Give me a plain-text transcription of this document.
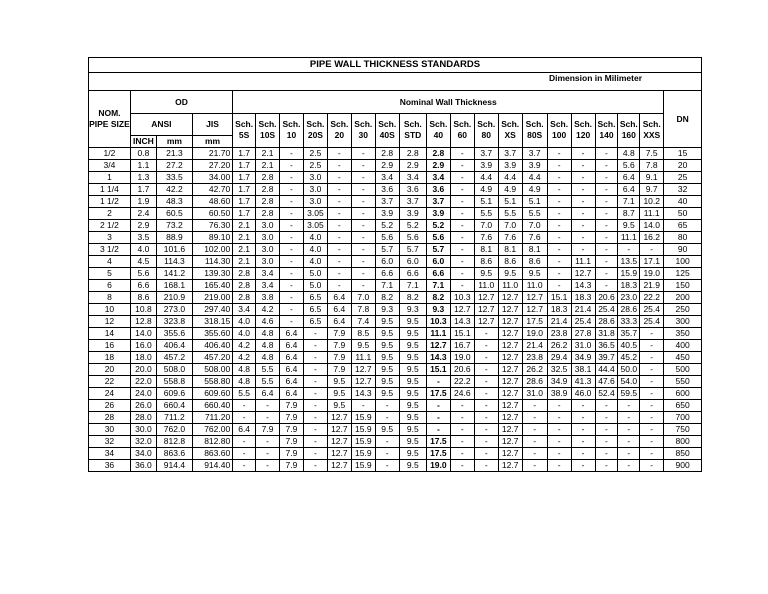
PIPE WALL THICKNESS STANDARDS
Dimension in Milimeter
NOM. PIPE SIZE	OD			Nominal Wall Thickness																		DN
	ANSI		JIS	Sch. 5S	Sch. 10S	Sch. 10	Sch. 20S	Sch. 20	Sch. 30	Sch. 40S	Sch. STD	Sch. 40	Sch. 60	Sch. 80	Sch. XS	Sch. 80S	Sch. 100	Sch. 120	Sch. 140	Sch. 160	Sch. XXS	
	INCH	mm	mm																			
1/2	0.8	21.3	21.70	1.7	2.1	-	2.5	-	-	2.8	2.8	2.8	-	3.7	3.7	3.7	-	-	-	4.8	7.5	15
3/4	1.1	27.2	27.20	1.7	2.1	-	2.5	-	-	2.9	2.9	2.9	-	3.9	3.9	3.9	-	-	-	5.6	7.8	20
1	1.3	33.5	34.00	1.7	2.8	-	3.0	-	-	3.4	3.4	3.4	-	4.4	4.4	4.4	-	-	-	6.4	9.1	25
1 1/4	1.7	42.2	42.70	1.7	2.8	-	3.0	-	-	3.6	3.6	3.6	-	4.9	4.9	4.9	-	-	-	6.4	9.7	32
1 1/2	1.9	48.3	48.60	1.7	2.8	-	3.0	-	-	3.7	3.7	3.7	-	5.1	5.1	5.1	-	-	-	7.1	10.2	40
2	2.4	60.5	60.50	1.7	2.8	-	3.05	-	-	3.9	3.9	3.9	-	5.5	5.5	5.5	-	-	-	8.7	11.1	50
2 1/2	2.9	73.2	76.30	2.1	3.0	-	3.05	-	-	5.2	5.2	5.2	-	7.0	7.0	7.0	-	-	-	9.5	14.0	65
3	3.5	88.9	89.10	2.1	3.0	-	4.0	-	-	5.6	5.6	5.6	-	7.6	7.6	7.6	-	-	-	11.1	16.2	80
3 1/2	4.0	101.6	102.00	2.1	3.0	-	4.0	-	-	5.7	5.7	5.7	-	8.1	8.1	8.1	-	-	-	-	-	90
4	4.5	114.3	114.30	2.1	3.0	-	4.0	-	-	6.0	6.0	6.0	-	8.6	8.6	8.6	-	11.1	-	13.5	17.1	100
5	5.6	141.2	139.30	2.8	3.4	-	5.0	-	-	6.6	6.6	6.6	-	9.5	9.5	9.5	-	12.7	-	15.9	19.0	125
6	6.6	168.1	165.40	2.8	3.4	-	5.0	-	-	7.1	7.1	7.1	-	11.0	11.0	11.0	-	14.3	-	18.3	21.9	150
8	8.6	210.9	219.00	2.8	3.8	-	6.5	6.4	7.0	8.2	8.2	8.2	10.3	12.7	12.7	12.7	15.1	18.3	20.6	23.0	22.2	200
10	10.8	273.0	297.40	3.4	4.2	-	6.5	6.4	7.8	9.3	9.3	9.3	12.7	12.7	12.7	12.7	18.3	21.4	25.4	28.6	25.4	250
12	12.8	323.8	318.15	4.0	4.6	-	6.5	6.4	7.4	9.5	9.5	10.3	14.3	12.7	12.7	17.5	21.4	25.4	28.6	33.3	25.4	300
14	14.0	355.6	355.60	4.0	4.8	6.4	-	7.9	8.5	9.5	9.5	11.1	15.1	-	12.7	19.0	23.8	27.8	31.8	35.7	-	350
16	16.0	406.4	406.40	4.2	4.8	6.4	-	7.9	9.5	9.5	9.5	12.7	16.7	-	12.7	21.4	26.2	31.0	36.5	40.5	-	400
18	18.0	457.2	457.20	4.2	4.8	6.4	-	7.9	11.1	9.5	9.5	14.3	19.0	-	12.7	23.8	29.4	34.9	39.7	45.2	-	450
20	20.0	508.0	508.00	4.8	5.5	6.4	-	7.9	12.7	9.5	9.5	15.1	20.6	-	12.7	26.2	32.5	38.1	44.4	50.0	-	500
22	22.0	558.8	558.80	4.8	5.5	6.4	-	9.5	12.7	9.5	9.5	-	22.2	-	12.7	28.6	34.9	41.3	47.6	54.0	-	550
24	24.0	609.6	609.60	5.5	6.4	6.4	-	9.5	14.3	9.5	9.5	17.5	24.6	-	12.7	31.0	38.9	46.0	52.4	59.5	-	600
26	26.0	660.4	660.40	-	-	7.9	-	9.5	-	-	9.5	-	-	-	12.7	-	-	-	-	-	-	650
28	28.0	711.2	711.20	-	-	7.9	-	12.7	15.9	-	9.5	-	-	-	12.7	-	-	-	-	-	-	700
30	30.0	762.0	762.00	6.4	7.9	7.9	-	12.7	15.9	9.5	9.5	-	-	-	12.7	-	-	-	-	-	-	750
32	32.0	812.8	812.80	-	-	7.9	-	12.7	15.9	-	9.5	17.5	-	-	12.7	-	-	-	-	-	-	800
34	34.0	863.6	863.60	-	-	7.9	-	12.7	15.9	-	9.5	17.5	-	-	12.7	-	-	-	-	-	-	850
36	36.0	914.4	914.40	-	-	7.9	-	12.7	15.9	-	9.5	19.0	-	-	12.7	-	-	-	-	-	-	900
